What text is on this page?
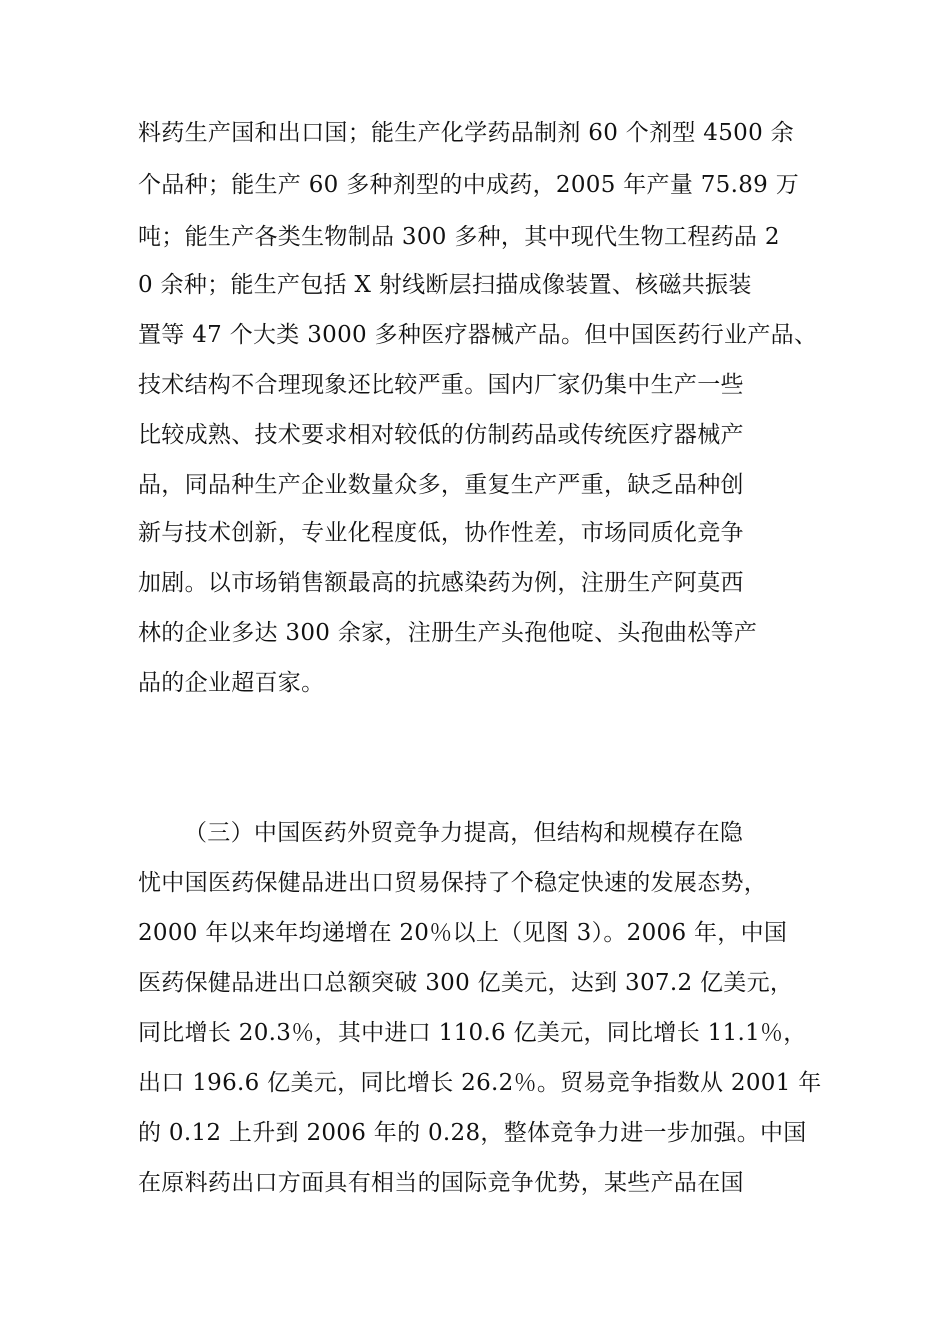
料药生产国和出口国；能生产化学药品制剂 60 个剂型 4500 余
个品种；能生产 60 多种剂型的中成药，2005 年产量 75.89 万
吨；能生产各类生物制品 300 多种，其中现代生物工程药品 2
0 余种；能生产包括 X 射线断层扫描成像装置、核磁共振装
置等 47 个大类 3000 多种医疗器械产品。但中国医药行业产品、
技术结构不合理现象还比较严重。国内厂家仍集中生产一些
比较成熟、技术要求相对较低的仿制药品或传统医疗器械产
品，同品种生产企业数量众多，重复生产严重，缺乏品种创
新与技术创新，专业化程度低，协作性差，市场同质化竞争
加剧。以市场销售额最高的抗感染药为例，注册生产阿莫西
林的企业多达 300 余家，注册生产头孢他啶、头孢曲松等产
品的企业超百家。
（三）中国医药外贸竞争力提高，但结构和规模存在隐
忧中国医药保健品进出口贸易保持了个稳定快速的发展态势，
2000 年以来年均递增在 20％以上（见图 3）。2006 年，中国
医药保健品进出口总额突破 300 亿美元，达到 307.2 亿美元，
同比增长 20.3％，其中进口 110.6 亿美元，同比增长 11.1％，
出口 196.6 亿美元，同比增长 26.2％。贸易竞争指数从 2001 年
的 0.12 上升到 2006 年的 0.28，整体竞争力进一步加强。中国
在原料药出口方面具有相当的国际竞争优势，某些产品在国
